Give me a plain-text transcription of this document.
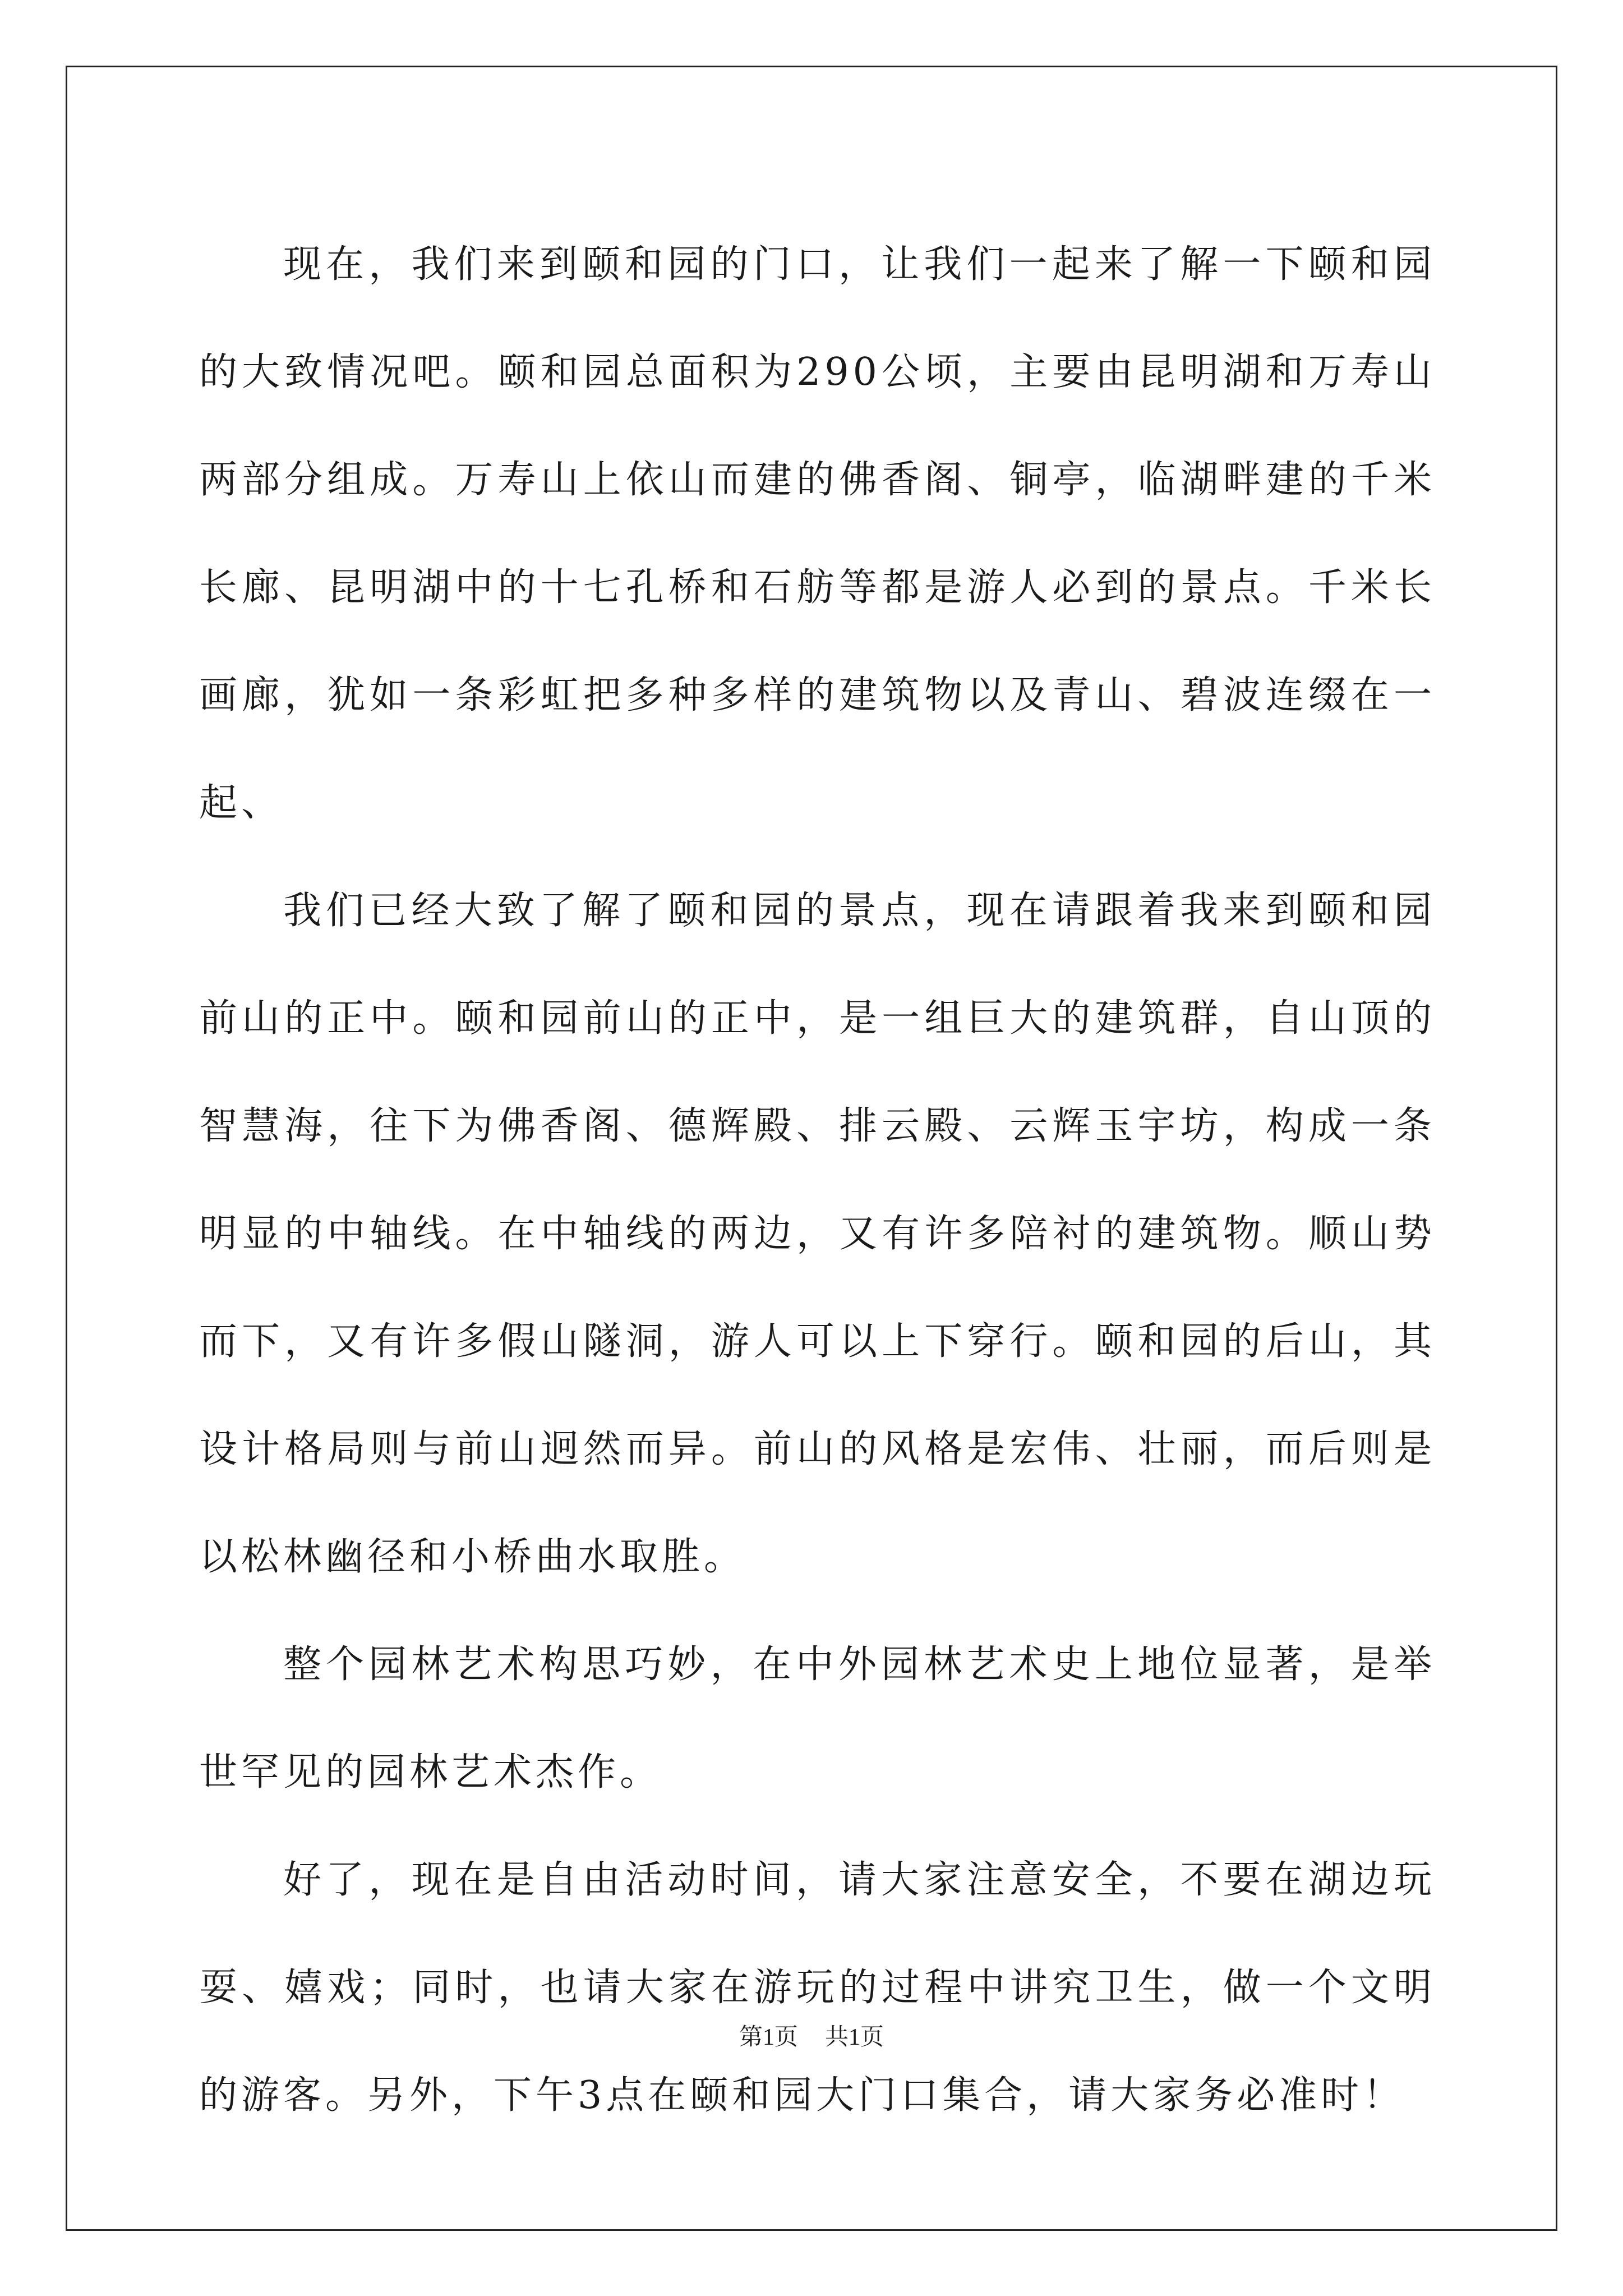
现在，我们来到颐和园的门口，让我们一起来了解一下颐和园的大致情况吧。颐和园总面积为290公顷，主要由昆明湖和万寿山两部分组成。万寿山上依山而建的佛香阁、铜亭，临湖畔建的千米长廊、昆明湖中的十七孔桥和石舫等都是游人必到的景点。千米长画廊，犹如一条彩虹把多种多样的建筑物以及青山、碧波连缀在一起、

我们已经大致了解了颐和园的景点，现在请跟着我来到颐和园前山的正中。颐和园前山的正中，是一组巨大的建筑群，自山顶的智慧海，往下为佛香阁、德辉殿、排云殿、云辉玉宇坊，构成一条明显的中轴线。在中轴线的两边，又有许多陪衬的建筑物。顺山势而下，又有许多假山隧洞，游人可以上下穿行。颐和园的后山，其设计格局则与前山迥然而异。前山的风格是宏伟、壮丽，而后则是以松林幽径和小桥曲水取胜。

整个园林艺术构思巧妙，在中外园林艺术史上地位显著，是举世罕见的园林艺术杰作。

好了，现在是自由活动时间，请大家注意安全，不要在湖边玩耍、嬉戏；同时，也请大家在游玩的过程中讲究卫生，做一个文明的游客。另外，下午3点在颐和园大门口集合，请大家务必准时！

第1页 共1页
